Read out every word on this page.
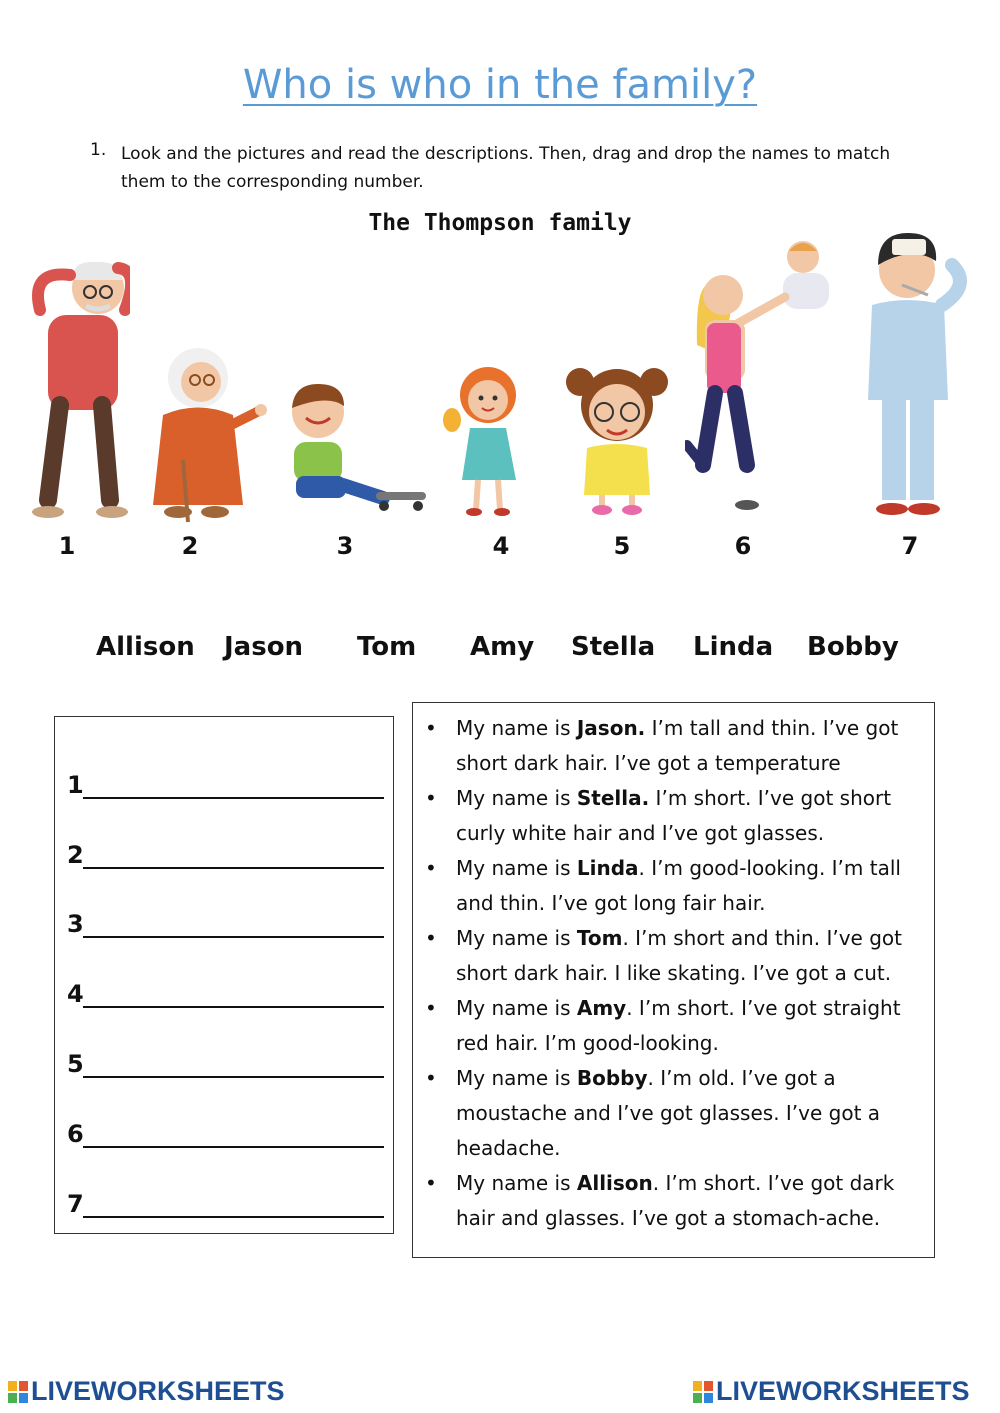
Who is who in the family?
1. Look and the pictures and read the descriptions. Then, drag and drop the names to match them to the corresponding number.
The Thompson family
1	2	3	4	5	6	7
Allison Jason Tom Amy Stella Linda Bobby
1
2
3
4
5
6
7
• My name is Jason. I’m tall and thin. I’ve got short dark hair. I’ve got a temperature
• My name is Stella. I’m short. I’ve got short curly white hair and I’ve got glasses.
• My name is Linda. I’m good-looking. I’m tall and thin. I’ve got long fair hair.
• My name is Tom. I’m short and thin. I’ve got short dark hair. I like skating. I’ve got a cut.
• My name is Amy. I’m short. I’ve got straight red hair. I’m good-looking.
• My name is Bobby. I’m old. I’ve got a moustache and I’ve got glasses. I’ve got a headache.
• My name is Allison. I’m short. I’ve got dark hair and glasses. I’ve got a stomach-ache.
LIVEWORKSHEETS	LIVEWORKSHEETS
